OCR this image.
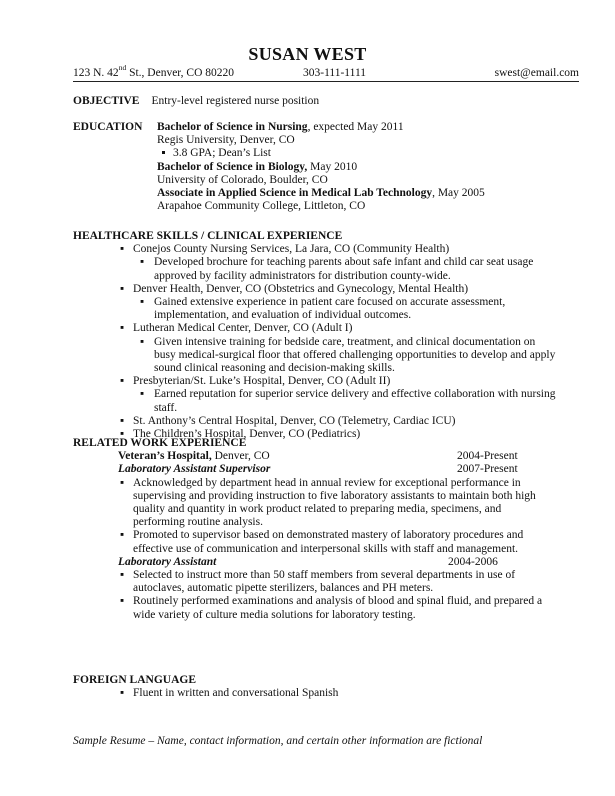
SUSAN WEST
123 N. 42nd St., Denver, CO 80220	303-111-1111	swest@email.com
OBJECTIVE Entry-level registered nurse position
EDUCATION Bachelor of Science in Nursing, expected May 2011
Regis University, Denver, CO
3.8 GPA; Dean’s List
Bachelor of Science in Biology, May 2010
University of Colorado, Boulder, CO
Associate in Applied Science in Medical Lab Technology, May 2005
Arapahoe Community College, Littleton, CO
HEALTHCARE SKILLS / CLINICAL EXPERIENCE
▪ Conejos County Nursing Services, La Jara, CO (Community Health)
▪ Developed brochure for teaching parents about safe infant and child car seat usage
approved by facility administrators for distribution county-wide.
▪ Denver Health, Denver, CO (Obstetrics and Gynecology, Mental Health)
▪ Gained extensive experience in patient care focused on accurate assessment,
implementation, and evaluation of individual outcomes.
▪ Lutheran Medical Center, Denver, CO (Adult I)
▪ Given intensive training for bedside care, treatment, and clinical documentation on
busy medical-surgical floor that offered challenging opportunities to develop and apply
sound clinical reasoning and decision-making skills.
▪ Presbyterian/St. Luke’s Hospital, Denver, CO (Adult II)
▪ Earned reputation for superior service delivery and effective collaboration with nursing
staff.
▪ St. Anthony’s Central Hospital, Denver, CO (Telemetry, Cardiac ICU)
▪ The Children’s Hospital, Denver, CO (Pediatrics)
RELATED WORK EXPERIENCE
Veteran’s Hospital, Denver, CO	2004-Present
Laboratory Assistant Supervisor	2007-Present
▪ Acknowledged by department head in annual review for exceptional performance in
supervising and providing instruction to five laboratory assistants to maintain both high
quality and quantity in work product related to preparing media, specimens, and
performing routine analysis.
▪ Promoted to supervisor based on demonstrated mastery of laboratory procedures and
effective use of communication and interpersonal skills with staff and management.
Laboratory Assistant	2004-2006
▪ Selected to instruct more than 50 staff members from several departments in use of
autoclaves, automatic pipette sterilizers, balances and PH meters.
▪ Routinely performed examinations and analysis of blood and spinal fluid, and prepared a
wide variety of culture media solutions for laboratory testing.
FOREIGN LANGUAGE
▪ Fluent in written and conversational Spanish
Sample Resume – Name, contact information, and certain other information are fictional
